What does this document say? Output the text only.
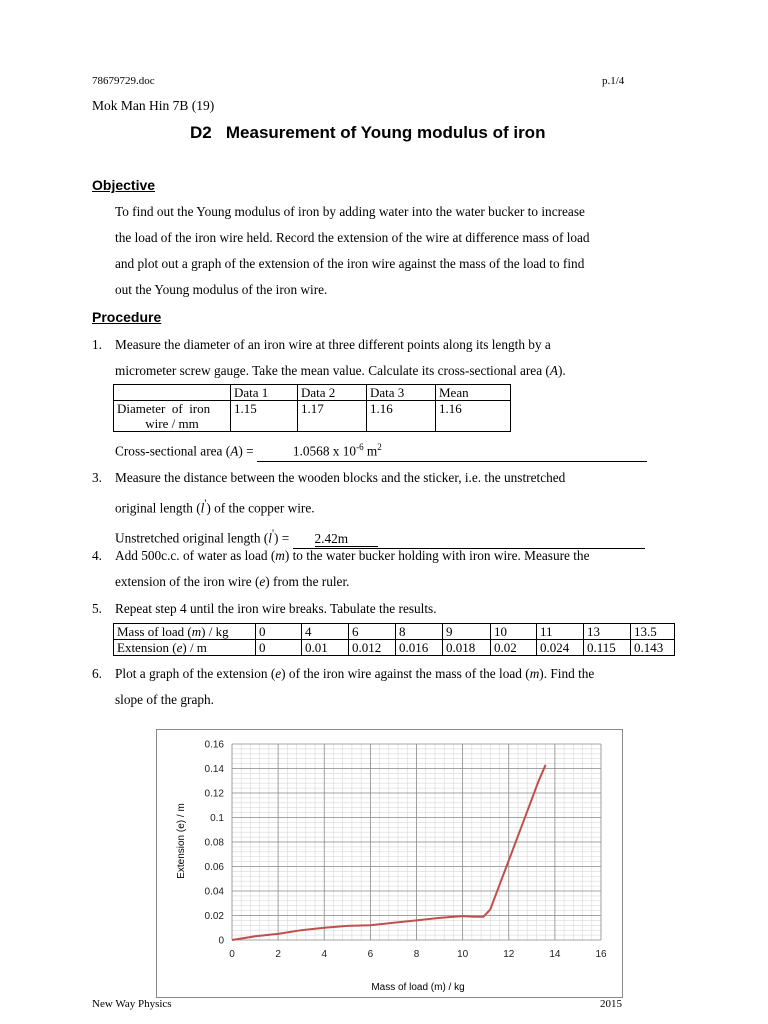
78679729.doc	p.1/4
Mok Man Hin 7B (19)
D2   Measurement of Young modulus of iron
Objective
To find out the Young modulus of iron by adding water into the water bucker to increase
the load of the iron wire held. Record the extension of the wire at difference mass of load
and plot out a graph of the extension of the iron wire against the mass of the load to find
out the Young modulus of the iron wire.
Procedure
1. Measure the diameter of an iron wire at three different points along its length by a
micrometer screw gauge. Take the mean value. Calculate its cross-sectional area (A).
	Data 1	Data 2	Data 3	Mean

Diameter  of  iron
wire / mm	1.15	1.17	1.16	1.16
Cross-sectional area (A) =	1.0568 x $10^{-6}$ $m^2$
3. Measure the distance between the wooden blocks and the sticker, i.e. the unstretched
original length (l') of the copper wire.
Unstretched original length (l') = 2.42m
4. Add 500c.c. of water as load (m) to the water bucker holding with iron wire. Measure the
extension of the iron wire (e) from the ruler.
5. Repeat step 4 until the iron wire breaks. Tabulate the results.
Mass of load (m) / kg	0	4	6	8	9	10	11	13	13.5
Extension (e) / m	0	0.01	0.012	0.016	0.018	0.02	0.024	0.115	0.143
6. Plot a graph of the extension (e) of the iron wire against the mass of the load (m). Find the
slope of the graph.
0	2	4	6	8	10	12	14	16
0
0.02
0.04
0.06
0.08
0.1
0.12
0.14
0.16
Mass of load (m) / kg
Extension (e) / m
New Way Physics	2015
